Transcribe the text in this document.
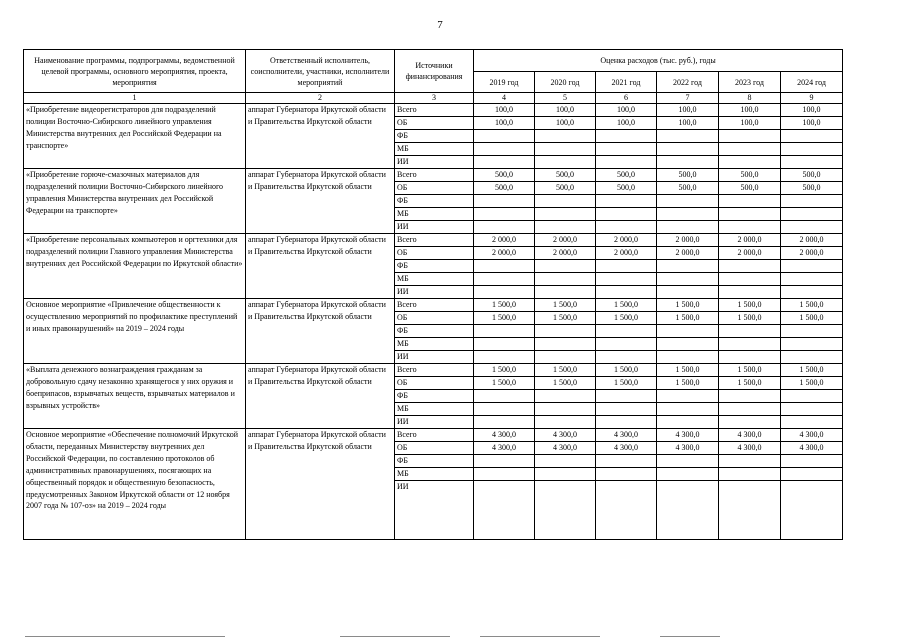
7
Наименование программы, подпрограммы, ведомственной целевой программы, основного мероприятия, проекта, мероприятия	Ответственный исполнитель, соисполнители, участники, исполнители мероприятий	Источники финансирования	Оценка расходов (тыс. руб.), годы					
			2019 год	2020 год	2021 год	2022 год	2023 год	2024 год
1	2	3	4	5	6	7	8	9
«Приобретение видеорегистраторов для подразделений полиции Восточно-Сибирского линейного управления Министерства внутренних дел Российской Федерации на транспорте»	аппарат Губернатора Иркутской области и Правительства Иркутской области	Всего	100,0	100,0	100,0	100,0	100,0	100,0
		ОБ	100,0	100,0	100,0	100,0	100,0	100,0
		ФБ						
		МБ						
		ИИ						
«Приобретение горюче-смазочных материалов для подразделений полиции Восточно-Сибирского линейного управления Министерства внутренних дел Российской Федерации на транспорте»	аппарат Губернатора Иркутской области и Правительства Иркутской области	Всего	500,0	500,0	500,0	500,0	500,0	500,0
		ОБ	500,0	500,0	500,0	500,0	500,0	500,0
		ФБ						
		МБ						
		ИИ						
«Приобретение персональных компьютеров и оргтехники для подразделений полиции Главного управления Министерства внутренних дел Российской Федерации по Иркутской области»	аппарат Губернатора Иркутской области и Правительства Иркутской области	Всего	2 000,0	2 000,0	2 000,0	2 000,0	2 000,0	2 000,0
		ОБ	2 000,0	2 000,0	2 000,0	2 000,0	2 000,0	2 000,0
		ФБ						
		МБ						
		ИИ						
Основное мероприятие «Привлечение общественности к осуществлению мероприятий по профилактике преступлений и иных правонарушений» на 2019 – 2024 годы	аппарат Губернатора Иркутской области и Правительства Иркутской области	Всего	1 500,0	1 500,0	1 500,0	1 500,0	1 500,0	1 500,0
		ОБ	1 500,0	1 500,0	1 500,0	1 500,0	1 500,0	1 500,0
		ФБ						
		МБ						
		ИИ						
«Выплата денежного вознаграждения гражданам за добровольную сдачу незаконно хранящегося у них оружия и боеприпасов, взрывчатых веществ, взрывчатых материалов и взрывных устройств»	аппарат Губернатора Иркутской области и Правительства Иркутской области	Всего	1 500,0	1 500,0	1 500,0	1 500,0	1 500,0	1 500,0
		ОБ	1 500,0	1 500,0	1 500,0	1 500,0	1 500,0	1 500,0
		ФБ						
		МБ						
		ИИ						
Основное мероприятие «Обеспечение полномочий Иркутской области, переданных Министерству внутренних дел Российской Федерации, по составлению протоколов об административных правонарушениях, посягающих на общественный порядок и общественную безопасность, предусмотренных Законом Иркутской области от 12 ноября 2007 года № 107-оз» на 2019 – 2024 годы	аппарат Губернатора Иркутской области и Правительства Иркутской области	Всего	4 300,0	4 300,0	4 300,0	4 300,0	4 300,0	4 300,0
		ОБ	4 300,0	4 300,0	4 300,0	4 300,0	4 300,0	4 300,0
		ФБ						
		МБ						
		ИИ						
